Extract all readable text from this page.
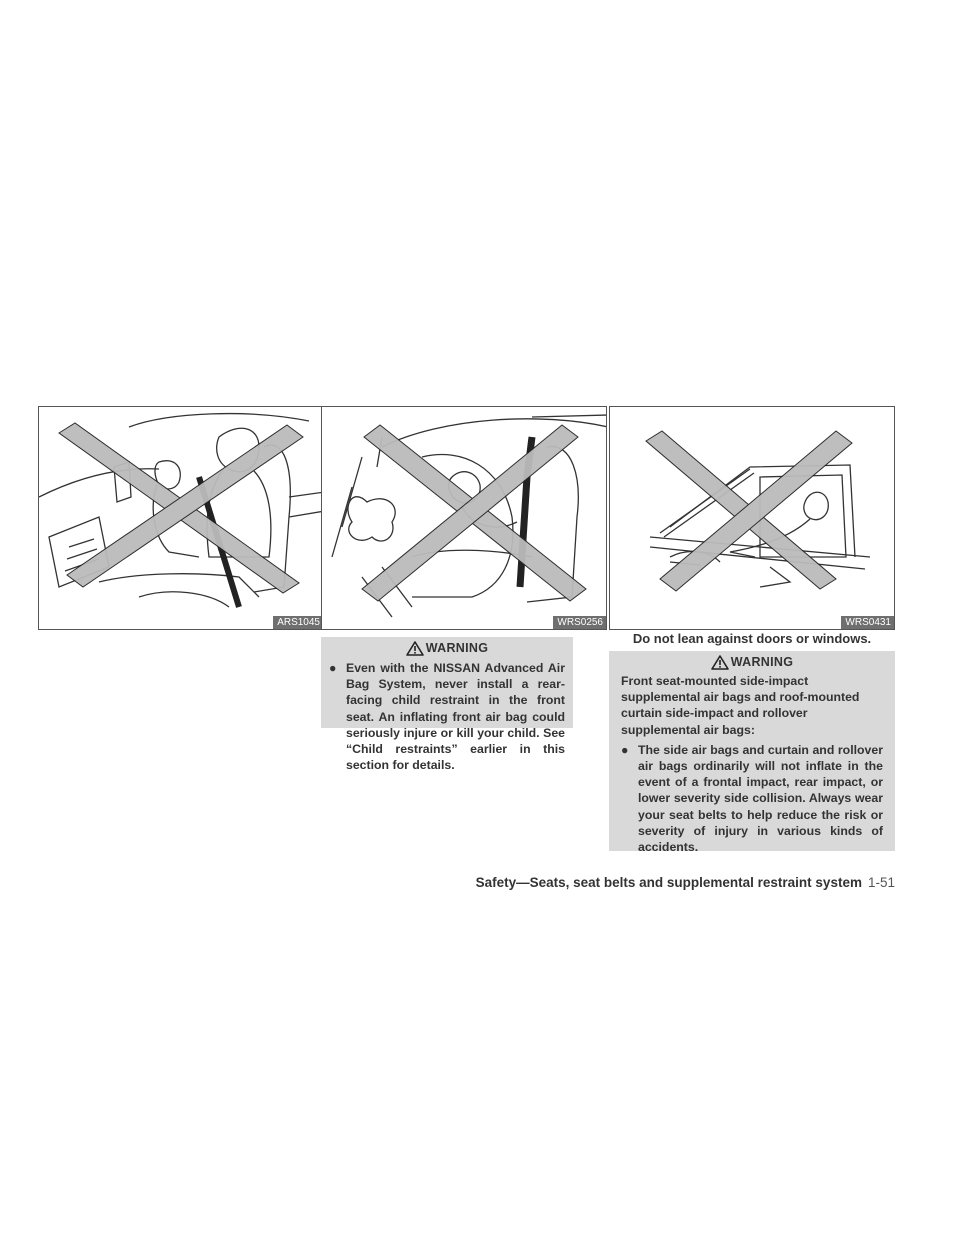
ARS1045	WRS0256	WRS0431
Do not lean against doors or windows.
WARNING

● Even with the NISSAN Advanced Air Bag System, never install a rear-facing child restraint in the front seat. An inflating front air bag could seriously injure or kill your child. See “Child restraints” earlier in this section for details.

WARNING

Front seat-mounted side-impact supplemental air bags and roof-mounted curtain side-impact and rollover supplemental air bags:

● The side air bags and curtain and rollover air bags ordinarily will not inflate in the event of a frontal impact, rear impact, or lower severity side collision. Always wear your seat belts to help reduce the risk or severity of injury in various kinds of accidents.

Safety—Seats, seat belts and supplemental restraint system 1-51
